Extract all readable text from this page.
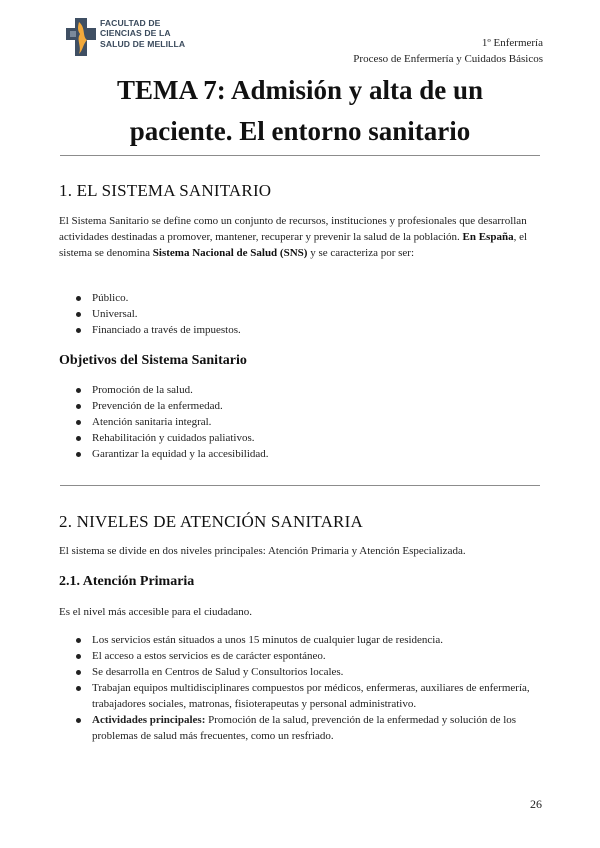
FACULTAD DE
CIENCIAS DE LA
SALUD DE MELILLA	1º Enfermería
Proceso de Enfermería y Cuidados Básicos
TEMA 7: Admisión y alta de un
paciente. El entorno sanitario
1. EL SISTEMA SANITARIO
El Sistema Sanitario se define como un conjunto de recursos, instituciones y profesionales que desarrollan actividades destinadas a promover, mantener, recuperar y prevenir la salud de la población. En España, el sistema se denomina Sistema Nacional de Salud (SNS) y se caracteriza por ser:
Público.
Universal.
Financiado a través de impuestos.
Objetivos del Sistema Sanitario
Promoción de la salud.
Prevención de la enfermedad.
Atención sanitaria integral.
Rehabilitación y cuidados paliativos.
Garantizar la equidad y la accesibilidad.
2. NIVELES DE ATENCIÓN SANITARIA
El sistema se divide en dos niveles principales: Atención Primaria y Atención Especializada.
2.1. Atención Primaria
Es el nivel más accesible para el ciudadano.
Los servicios están situados a unos 15 minutos de cualquier lugar de residencia.
El acceso a estos servicios es de carácter espontáneo.
Se desarrolla en Centros de Salud y Consultorios locales.
Trabajan equipos multidisciplinares compuestos por médicos, enfermeras, auxiliares de enfermería, trabajadores sociales, matronas, fisioterapeutas y personal administrativo.
Actividades principales: Promoción de la salud, prevención de la enfermedad y solución de los problemas de salud más frecuentes, como un resfriado.
26
